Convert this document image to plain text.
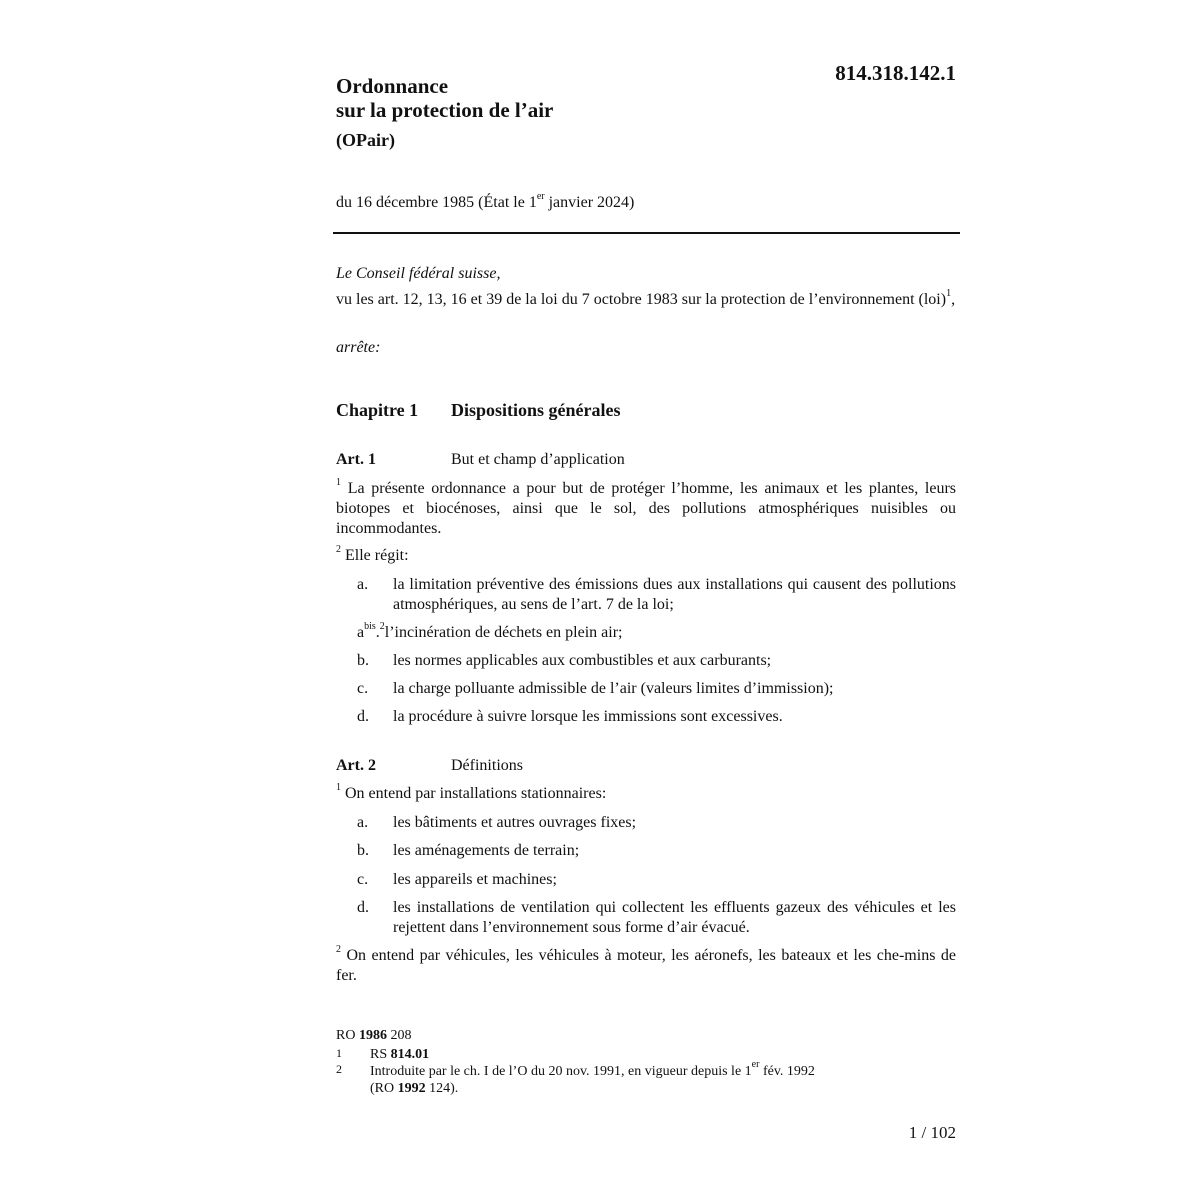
Ordonnance
sur la protection de l’air
(OPair)
814.318.142.1
du 16 décembre 1985 (État le 1er janvier 2024)
Le Conseil fédéral suisse,
vu les art. 12, 13, 16 et 39 de la loi du 7 octobre 1983 sur la protection de l’environnement (loi)$^1$,
arrête:
Chapitre 1 Dispositions générales
Art. 1	But et champ d’application
$^1$ La présente ordonnance a pour but de protéger l’homme, les animaux et les plantes, leurs biotopes et biocénoses, ainsi que le sol, des pollutions atmosphériques nuisibles ou incommodantes.
$^2$ Elle régit:
a. la limitation préventive des émissions dues aux installations qui causent des pollutions atmosphériques, au sens de l’art. 7 de la loi;
$a^{bis}.^2l’incinération$ de déchets en plein air;
b. les normes applicables aux combustibles et aux carburants;
c. la charge polluante admissible de l’air (valeurs limites d’immission);
d. la procédure à suivre lorsque les immissions sont excessives.
Art. 2	Définitions
$^1$ On entend par installations stationnaires:
a. les bâtiments et autres ouvrages fixes;
b. les aménagements de terrain;
c. les appareils et machines;
d. les installations de ventilation qui collectent les effluents gazeux des véhicules et les rejettent dans l’environnement sous forme d’air évacué.
$^2$ On entend par véhicules, les véhicules à moteur, les aéronefs, les bateaux et les che-mins de fer.
RO 1986 208
1 RS 814.01
2 Introduite par le ch. I de l’O du 20 nov. 1991, en vigueur depuis le 1er fév. 1992
(RO 1992 124).
1 / 102
